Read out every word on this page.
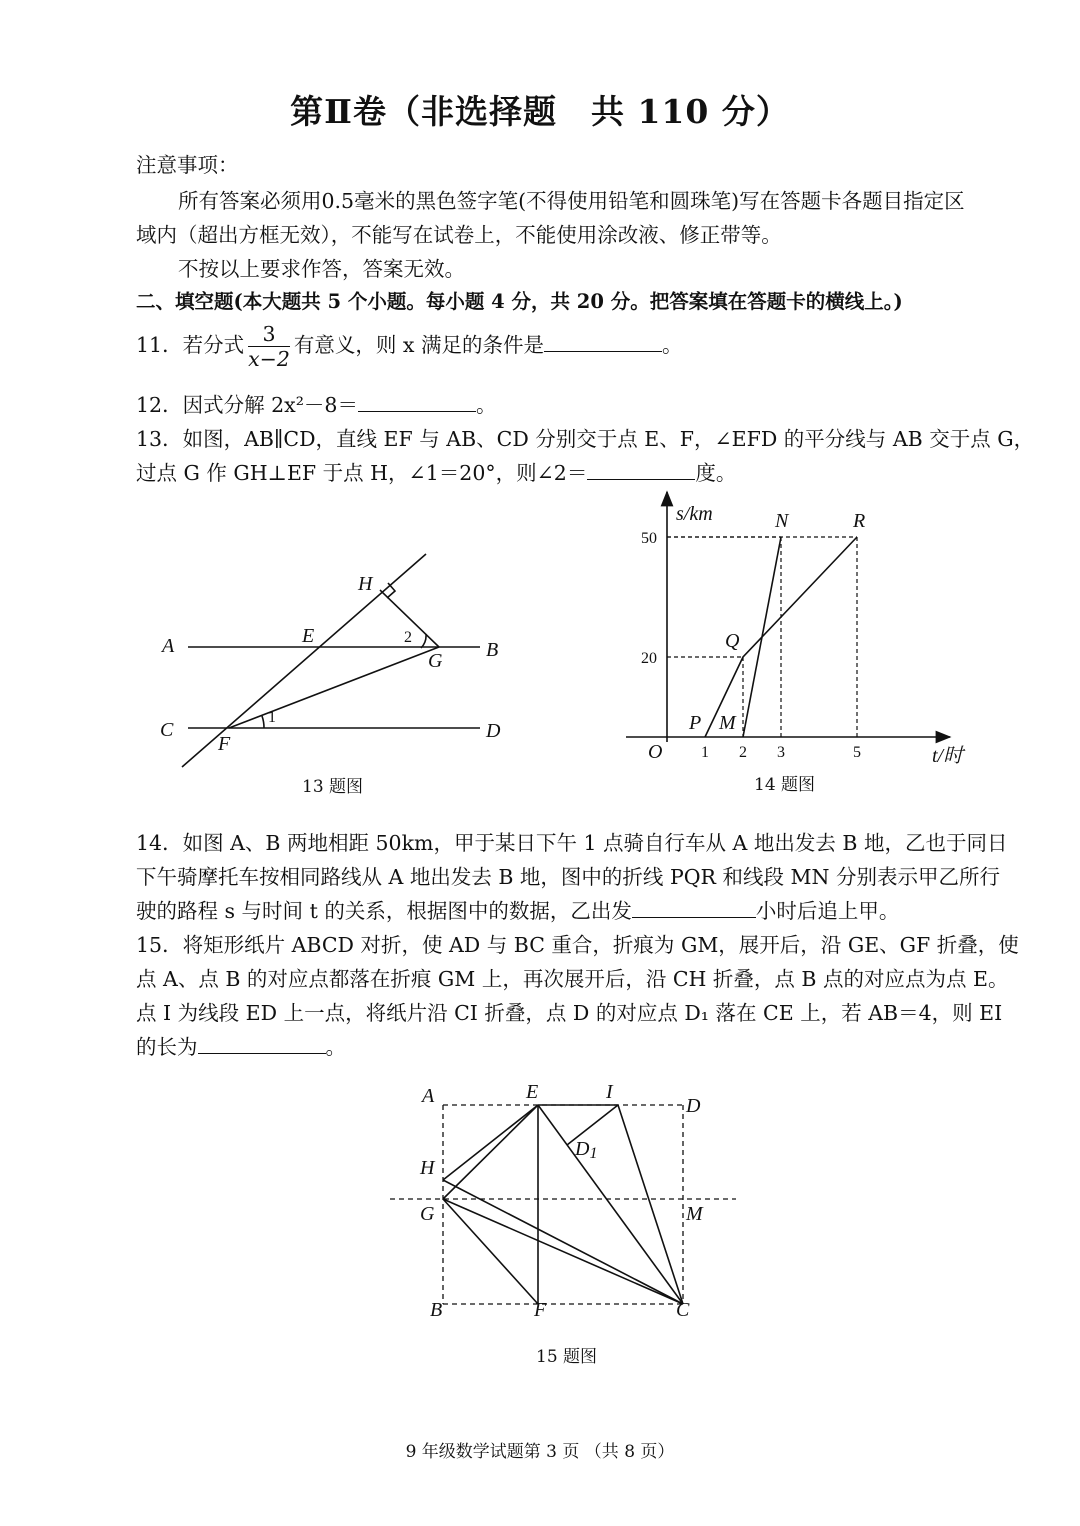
第Ⅱ卷（非选择题　共 110 分）
注意事项：
所有答案必须用0.5毫米的黑色签字笔(不得使用铅笔和圆珠笔)写在答题卡各题目指定区
域内（超出方框无效），不能写在试卷上，不能使用涂改液、修正带等。
不按以上要求作答，答案无效。
二、填空题(本大题共 5 个小题。每小题 4 分，共 20 分。把答案填在答题卡的横线上。)
11．若分式 $\frac{3}{x-2}$ 有意义，则 x 满足的条件是	。
12．因式分解 2x²－8＝	。
13．如图，AB∥CD，直线 EF 与 AB、CD 分别交于点 E、F，∠EFD 的平分线与 AB 交于点 G，
过点 G 作 GH⊥EF 于点 H，∠1＝20°，则∠2＝	度。
A	B
C	D
E
F
G
H
1
2
13 题图
s/km
t/时
O 1 2 3	5
20
50
P
Q
R
M
N
14 题图
14．如图 A、B 两地相距 50km，甲于某日下午 1 点骑自行车从 A 地出发去 B 地，乙也于同日
下午骑摩托车按相同路线从 A 地出发去 B 地，图中的折线 PQR 和线段 MN 分别表示甲乙所行
驶的路程 s 与时间 t 的关系，根据图中的数据，乙出发	小时后追上甲。
15．将矩形纸片 ABCD 对折，使 AD 与 BC 重合，折痕为 GM，展开后，沿 GE、GF 折叠，使
点 A、点 B 的对应点都落在折痕 GM 上，再次展开后，沿 CH 折叠，点 B 点的对应点为点 E。
点 I 为线段 ED 上一点，将纸片沿 CI 折叠，点 D 的对应点 D₁ 落在 CE 上，若 AB＝4，则 EI
的长为	。
A	E	I
D
H
D1
G	M
B	F	C
15 题图
9 年级数学试题第 3 页 （共 8 页）
